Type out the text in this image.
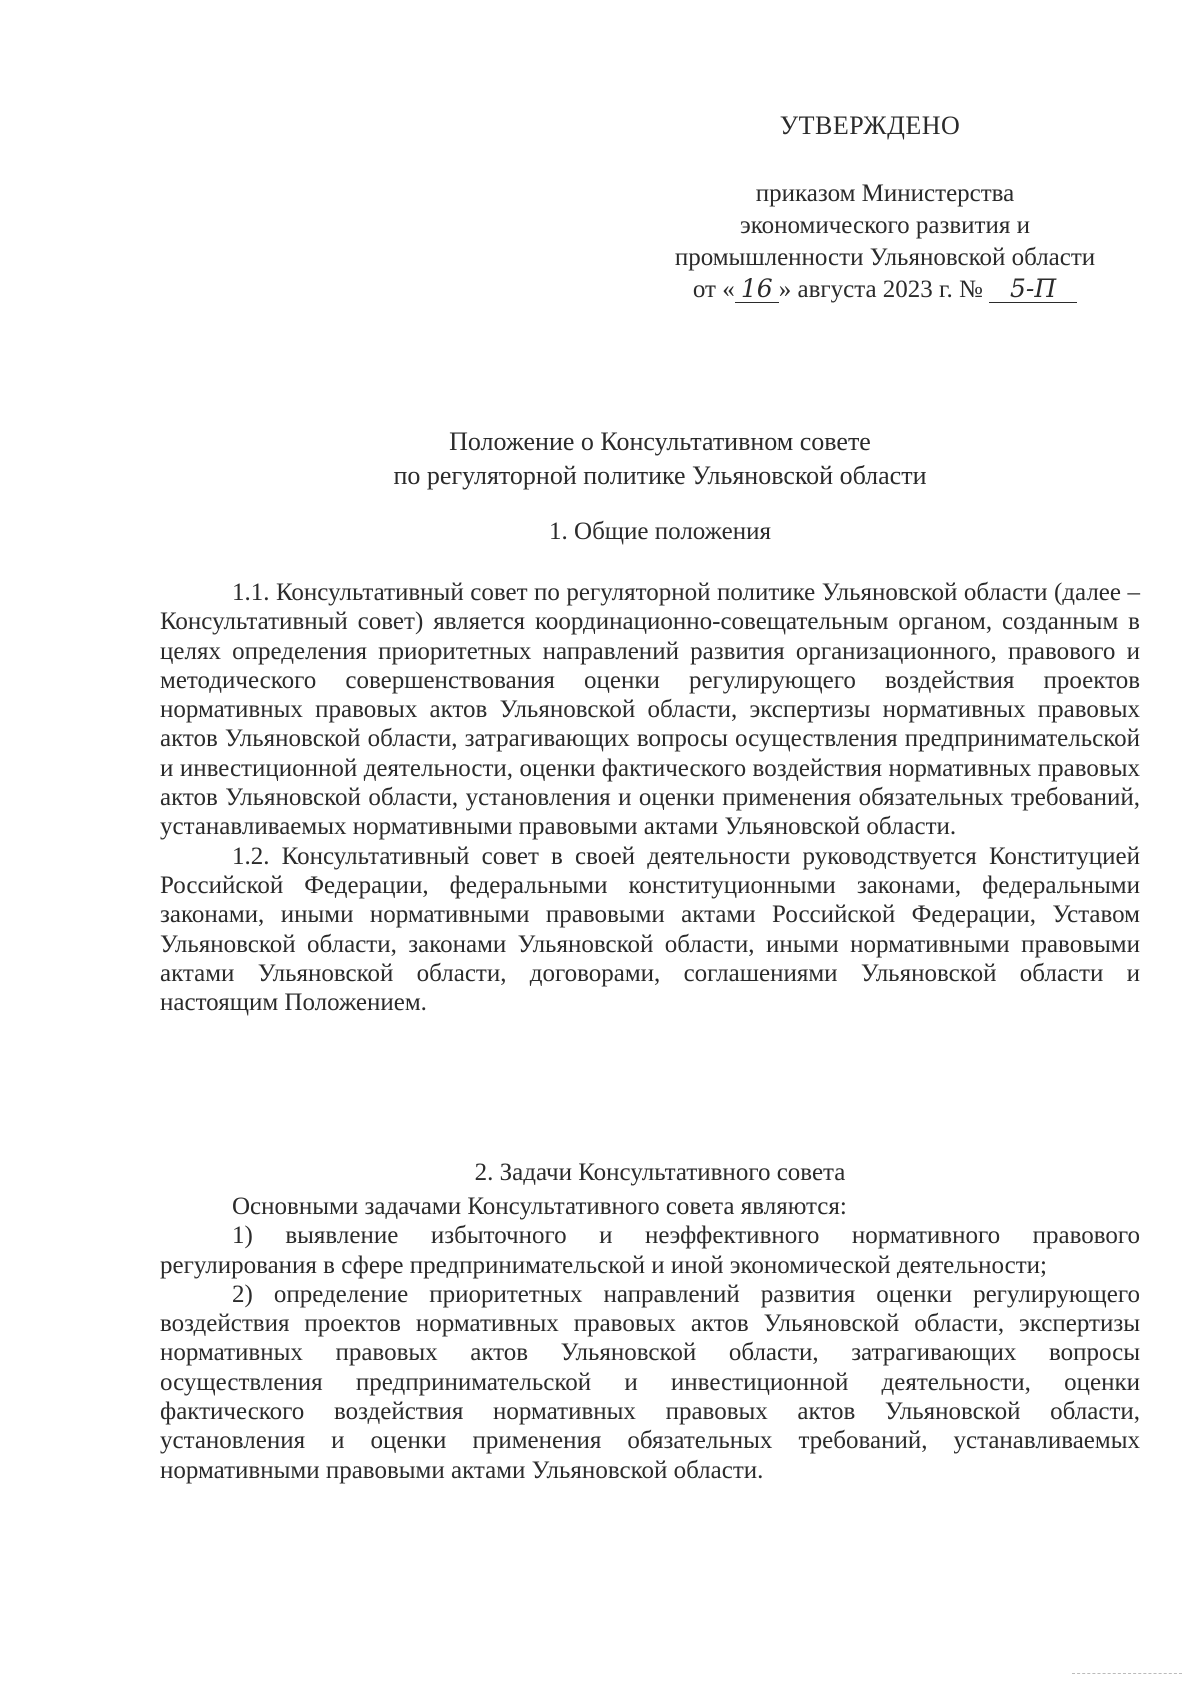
УТВЕРЖДЕНО
приказом Министерства
экономического развития и
промышленности Ульяновской области
от « 16 » августа 2023 г. № 5-П
Положение о Консультативном совете
по регуляторной политике Ульяновской области
1. Общие положения

1.1. Консультативный совет по регуляторной политике Ульяновской области (далее – Консультативный совет) является координационно-совещательным органом, созданным в целях определения приоритетных направлений развития организационного, правового и методического совершенствования оценки регулирующего воздействия проектов нормативных правовых актов Ульяновской области, экспертизы нормативных правовых актов Ульяновской области, затрагивающих вопросы осуществления предпринимательской и инвестиционной деятельности, оценки фактического воздействия нормативных правовых актов Ульяновской области, установления и оценки применения обязательных требований, устанавливаемых нормативными правовыми актами Ульяновской области.

1.2. Консультативный совет в своей деятельности руководствуется Конституцией Российской Федерации, федеральными конституционными законами, федеральными законами, иными нормативными правовыми актами Российской Федерации, Уставом Ульяновской области, законами Ульяновской области, иными нормативными правовыми актами Ульяновской области, договорами, соглашениями Ульяновской области и настоящим Положением.

2. Задачи Консультативного совета

Основными задачами Консультативного совета являются:

1) выявление избыточного и неэффективного нормативного правового регулирования в сфере предпринимательской и иной экономической деятельности;

2) определение приоритетных направлений развития оценки регулирующего воздействия проектов нормативных правовых актов Ульяновской области, экспертизы нормативных правовых актов Ульяновской области, затрагивающих вопросы осуществления предпринимательской и инвестиционной деятельности, оценки фактического воздействия нормативных правовых актов Ульяновской области, установления и оценки применения обязательных требований, устанавливаемых нормативными правовыми актами Ульяновской области.
